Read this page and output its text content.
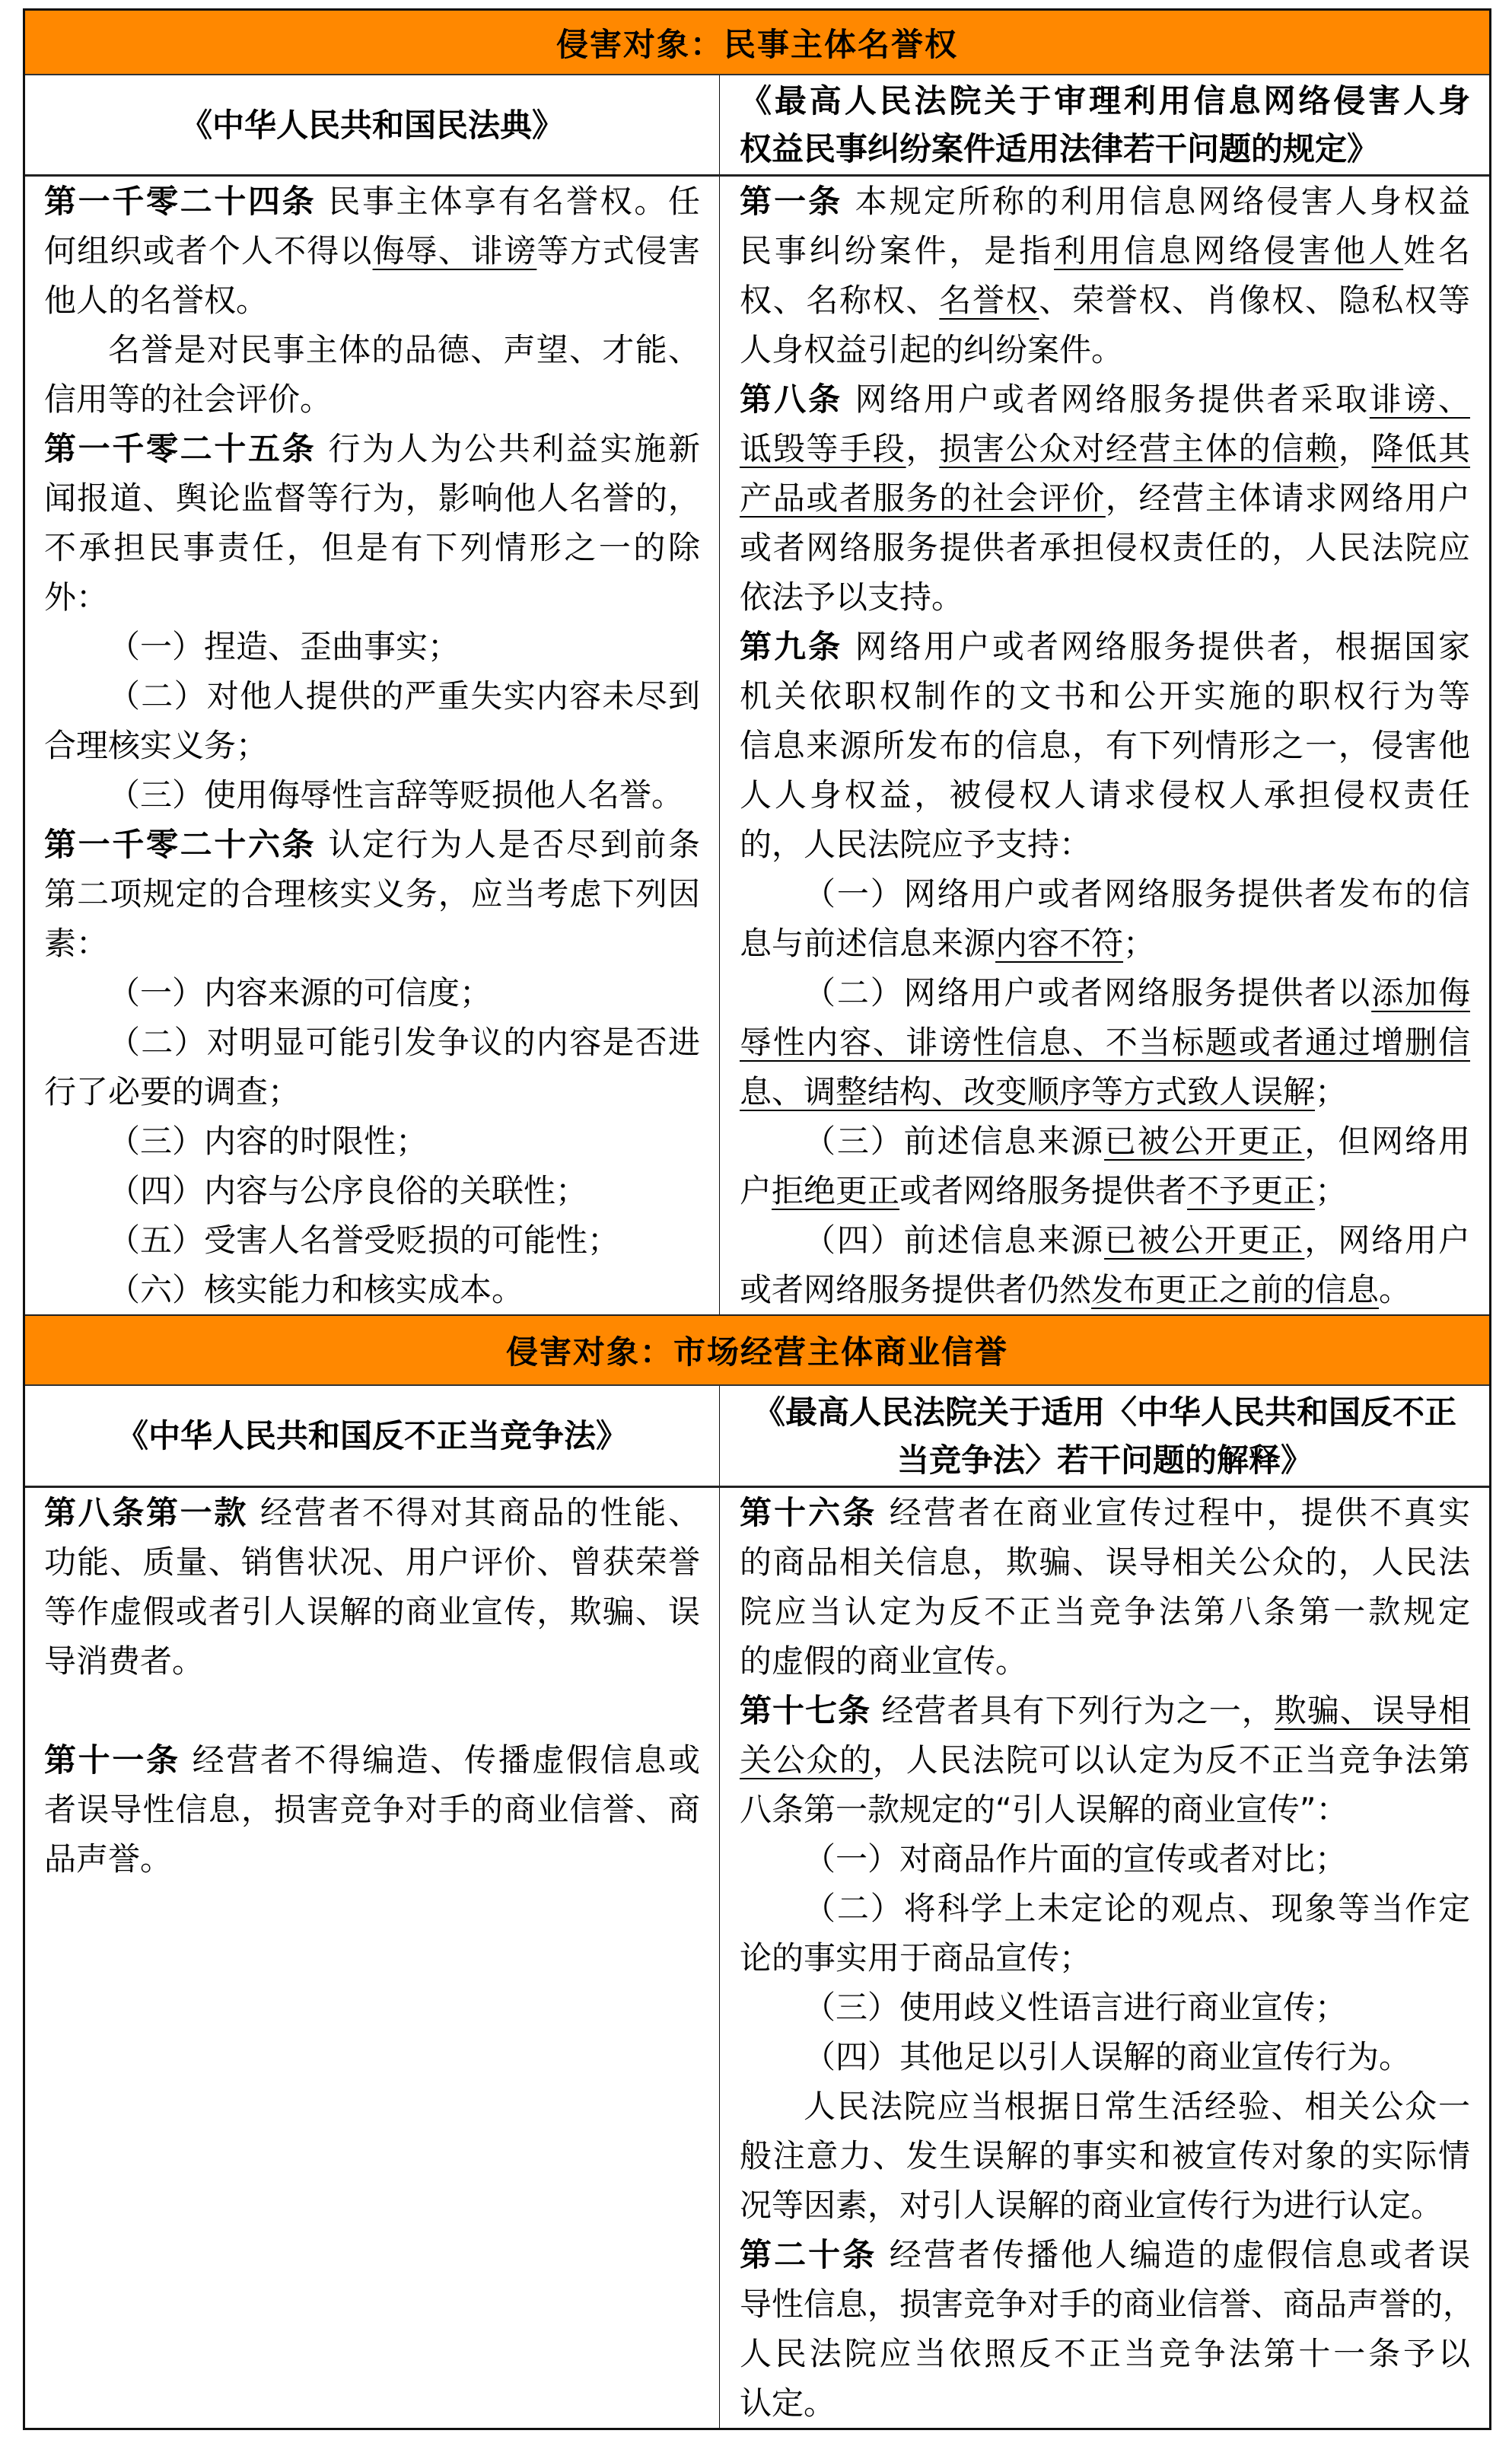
侵害对象：民事主体名誉权
《中华人民共和国民法典》
《最高人民法院关于审理利用信息网络侵害人身
权益民事纠纷案件适用法律若干问题的规定》
第一千零二十四条 民事主体享有名誉权。任
何组织或者个人不得以侮辱、诽谤等方式侵害
他人的名誉权。
名誉是对民事主体的品德、声望、才能、
信用等的社会评价。
第一千零二十五条 行为人为公共利益实施新
闻报道、舆论监督等行为，影响他人名誉的，
不承担民事责任，但是有下列情形之一的除
外：
（一）捏造、歪曲事实；
（二）对他人提供的严重失实内容未尽到
合理核实义务；
（三）使用侮辱性言辞等贬损他人名誉。
第一千零二十六条 认定行为人是否尽到前条
第二项规定的合理核实义务，应当考虑下列因
素：
（一）内容来源的可信度；
（二）对明显可能引发争议的内容是否进
行了必要的调查；
（三）内容的时限性；
（四）内容与公序良俗的关联性；
（五）受害人名誉受贬损的可能性；
（六）核实能力和核实成本。
第一条 本规定所称的利用信息网络侵害人身权益
民事纠纷案件，是指利用信息网络侵害他人姓名
权、名称权、名誉权、荣誉权、肖像权、隐私权等
人身权益引起的纠纷案件。
第八条 网络用户或者网络服务提供者采取诽谤、
诋毁等手段，损害公众对经营主体的信赖，降低其
产品或者服务的社会评价，经营主体请求网络用户
或者网络服务提供者承担侵权责任的，人民法院应
依法予以支持。
第九条 网络用户或者网络服务提供者，根据国家
机关依职权制作的文书和公开实施的职权行为等
信息来源所发布的信息，有下列情形之一，侵害他
人人身权益，被侵权人请求侵权人承担侵权责任
的，人民法院应予支持：
（一）网络用户或者网络服务提供者发布的信
息与前述信息来源内容不符；
（二）网络用户或者网络服务提供者以添加侮
辱性内容、诽谤性信息、不当标题或者通过增删信
息、调整结构、改变顺序等方式致人误解；
（三）前述信息来源已被公开更正，但网络用
户拒绝更正或者网络服务提供者不予更正；
（四）前述信息来源已被公开更正，网络用户
或者网络服务提供者仍然发布更正之前的信息。
侵害对象：市场经营主体商业信誉
《中华人民共和国反不正当竞争法》
《最高人民法院关于适用〈中华人民共和国反不正
当竞争法〉若干问题的解释》
第八条第一款 经营者不得对其商品的性能、
功能、质量、销售状况、用户评价、曾获荣誉
等作虚假或者引人误解的商业宣传，欺骗、误
导消费者。
第十一条 经营者不得编造、传播虚假信息或
者误导性信息，损害竞争对手的商业信誉、商
品声誉。
第十六条 经营者在商业宣传过程中，提供不真实
的商品相关信息，欺骗、误导相关公众的，人民法
院应当认定为反不正当竞争法第八条第一款规定
的虚假的商业宣传。
第十七条 经营者具有下列行为之一，欺骗、误导相
关公众的，人民法院可以认定为反不正当竞争法第
八条第一款规定的“引人误解的商业宣传”：
（一）对商品作片面的宣传或者对比；
（二）将科学上未定论的观点、现象等当作定
论的事实用于商品宣传；
（三）使用歧义性语言进行商业宣传；
（四）其他足以引人误解的商业宣传行为。
人民法院应当根据日常生活经验、相关公众一
般注意力、发生误解的事实和被宣传对象的实际情
况等因素，对引人误解的商业宣传行为进行认定。
第二十条 经营者传播他人编造的虚假信息或者误
导性信息，损害竞争对手的商业信誉、商品声誉的，
人民法院应当依照反不正当竞争法第十一条予以
认定。
